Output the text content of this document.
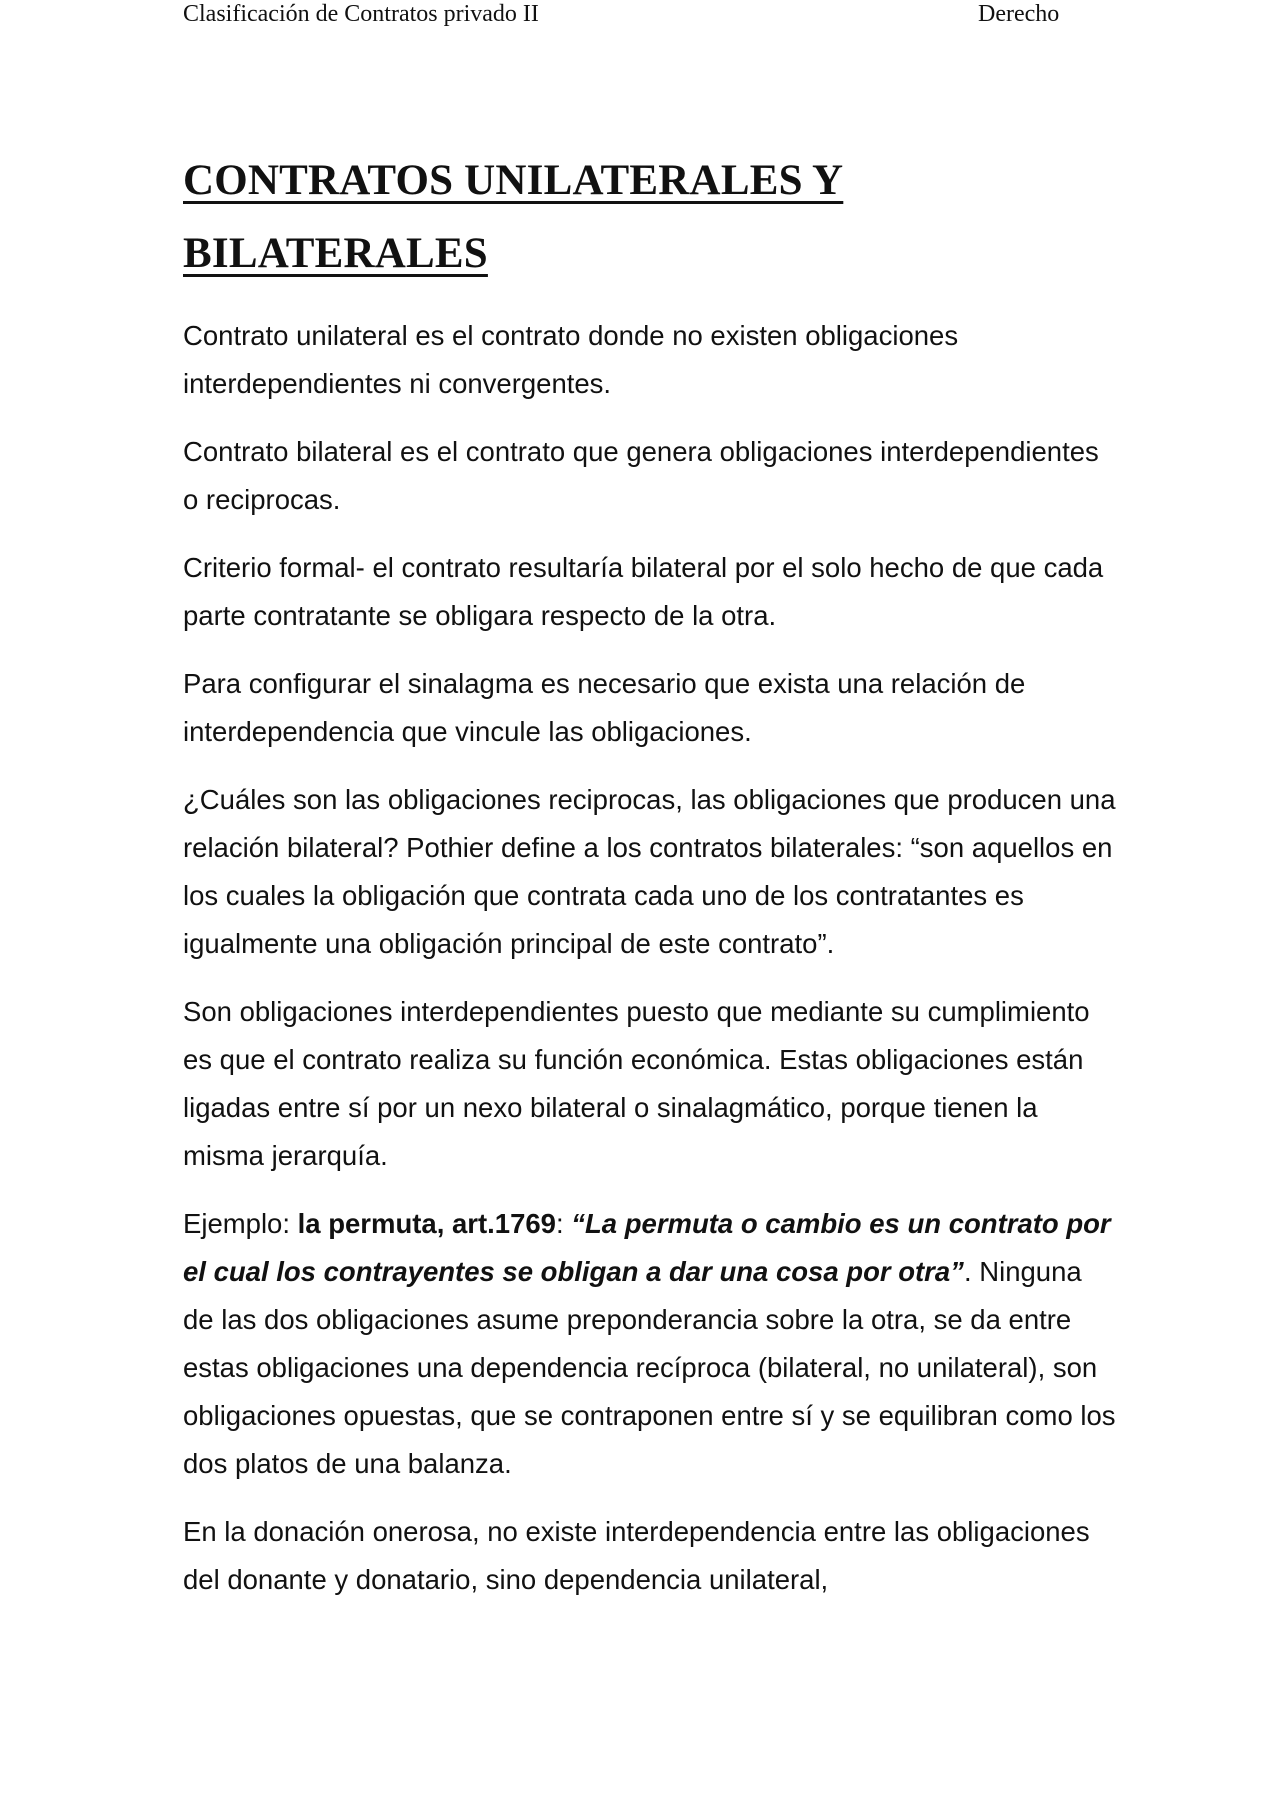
Clasificación de Contratos privado II	Derecho
CONTRATOS UNILATERALES Y
BILATERALES

Contrato unilateral es el contrato donde no existen obligaciones interdependientes ni convergentes.

Contrato bilateral es el contrato que genera obligaciones interdependientes o reciprocas.

Criterio formal- el contrato resultaría bilateral por el solo hecho de que cada parte contratante se obligara respecto de la otra.

Para configurar el sinalagma es necesario que exista una relación de interdependencia que vincule las obligaciones.

¿Cuáles son las obligaciones reciprocas, las obligaciones que producen una relación bilateral? Pothier define a los contratos bilaterales: “son aquellos en los cuales la obligación que contrata cada uno de los contratantes es igualmente una obligación principal de este contrato”.

Son obligaciones interdependientes puesto que mediante su cumplimiento es que el contrato realiza su función económica. Estas obligaciones están ligadas entre sí por un nexo bilateral o sinalagmático, porque tienen la misma jerarquía.

Ejemplo: la permuta, art.1769: “La permuta o cambio es un contrato por el cual los contrayentes se obligan a dar una cosa por otra”. Ninguna de las dos obligaciones asume preponderancia sobre la otra, se da entre estas obligaciones una dependencia recíproca (bilateral, no unilateral), son obligaciones opuestas, que se contraponen entre sí y se equilibran como los dos platos de una balanza.

En la donación onerosa, no existe interdependencia entre las obligaciones del donante y donatario, sino dependencia unilateral,
